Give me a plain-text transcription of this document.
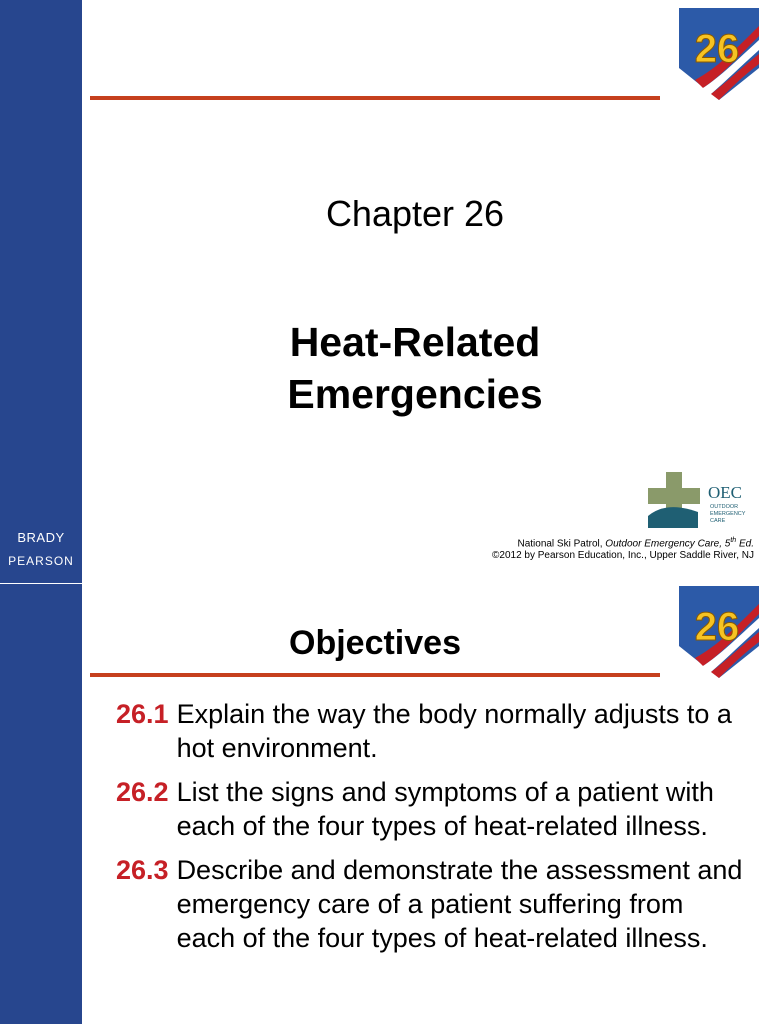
26
Chapter 26
Heat-Related
Emergencies
BRADY
PEARSON
OEC
OUTDOOR
EMERGENCY
CARE
National Ski Patrol, Outdoor Emergency Care, 5th Ed.
©2012 by Pearson Education, Inc., Upper Saddle River, NJ
26
Objectives
26.1 Explain the way the body normally adjusts to a hot environment.
26.2 List the signs and symptoms of a patient with each of the four types of heat-related illness.
26.3 Describe and demonstrate the assessment and emergency care of a patient suffering from each of the four types of heat-related illness.
